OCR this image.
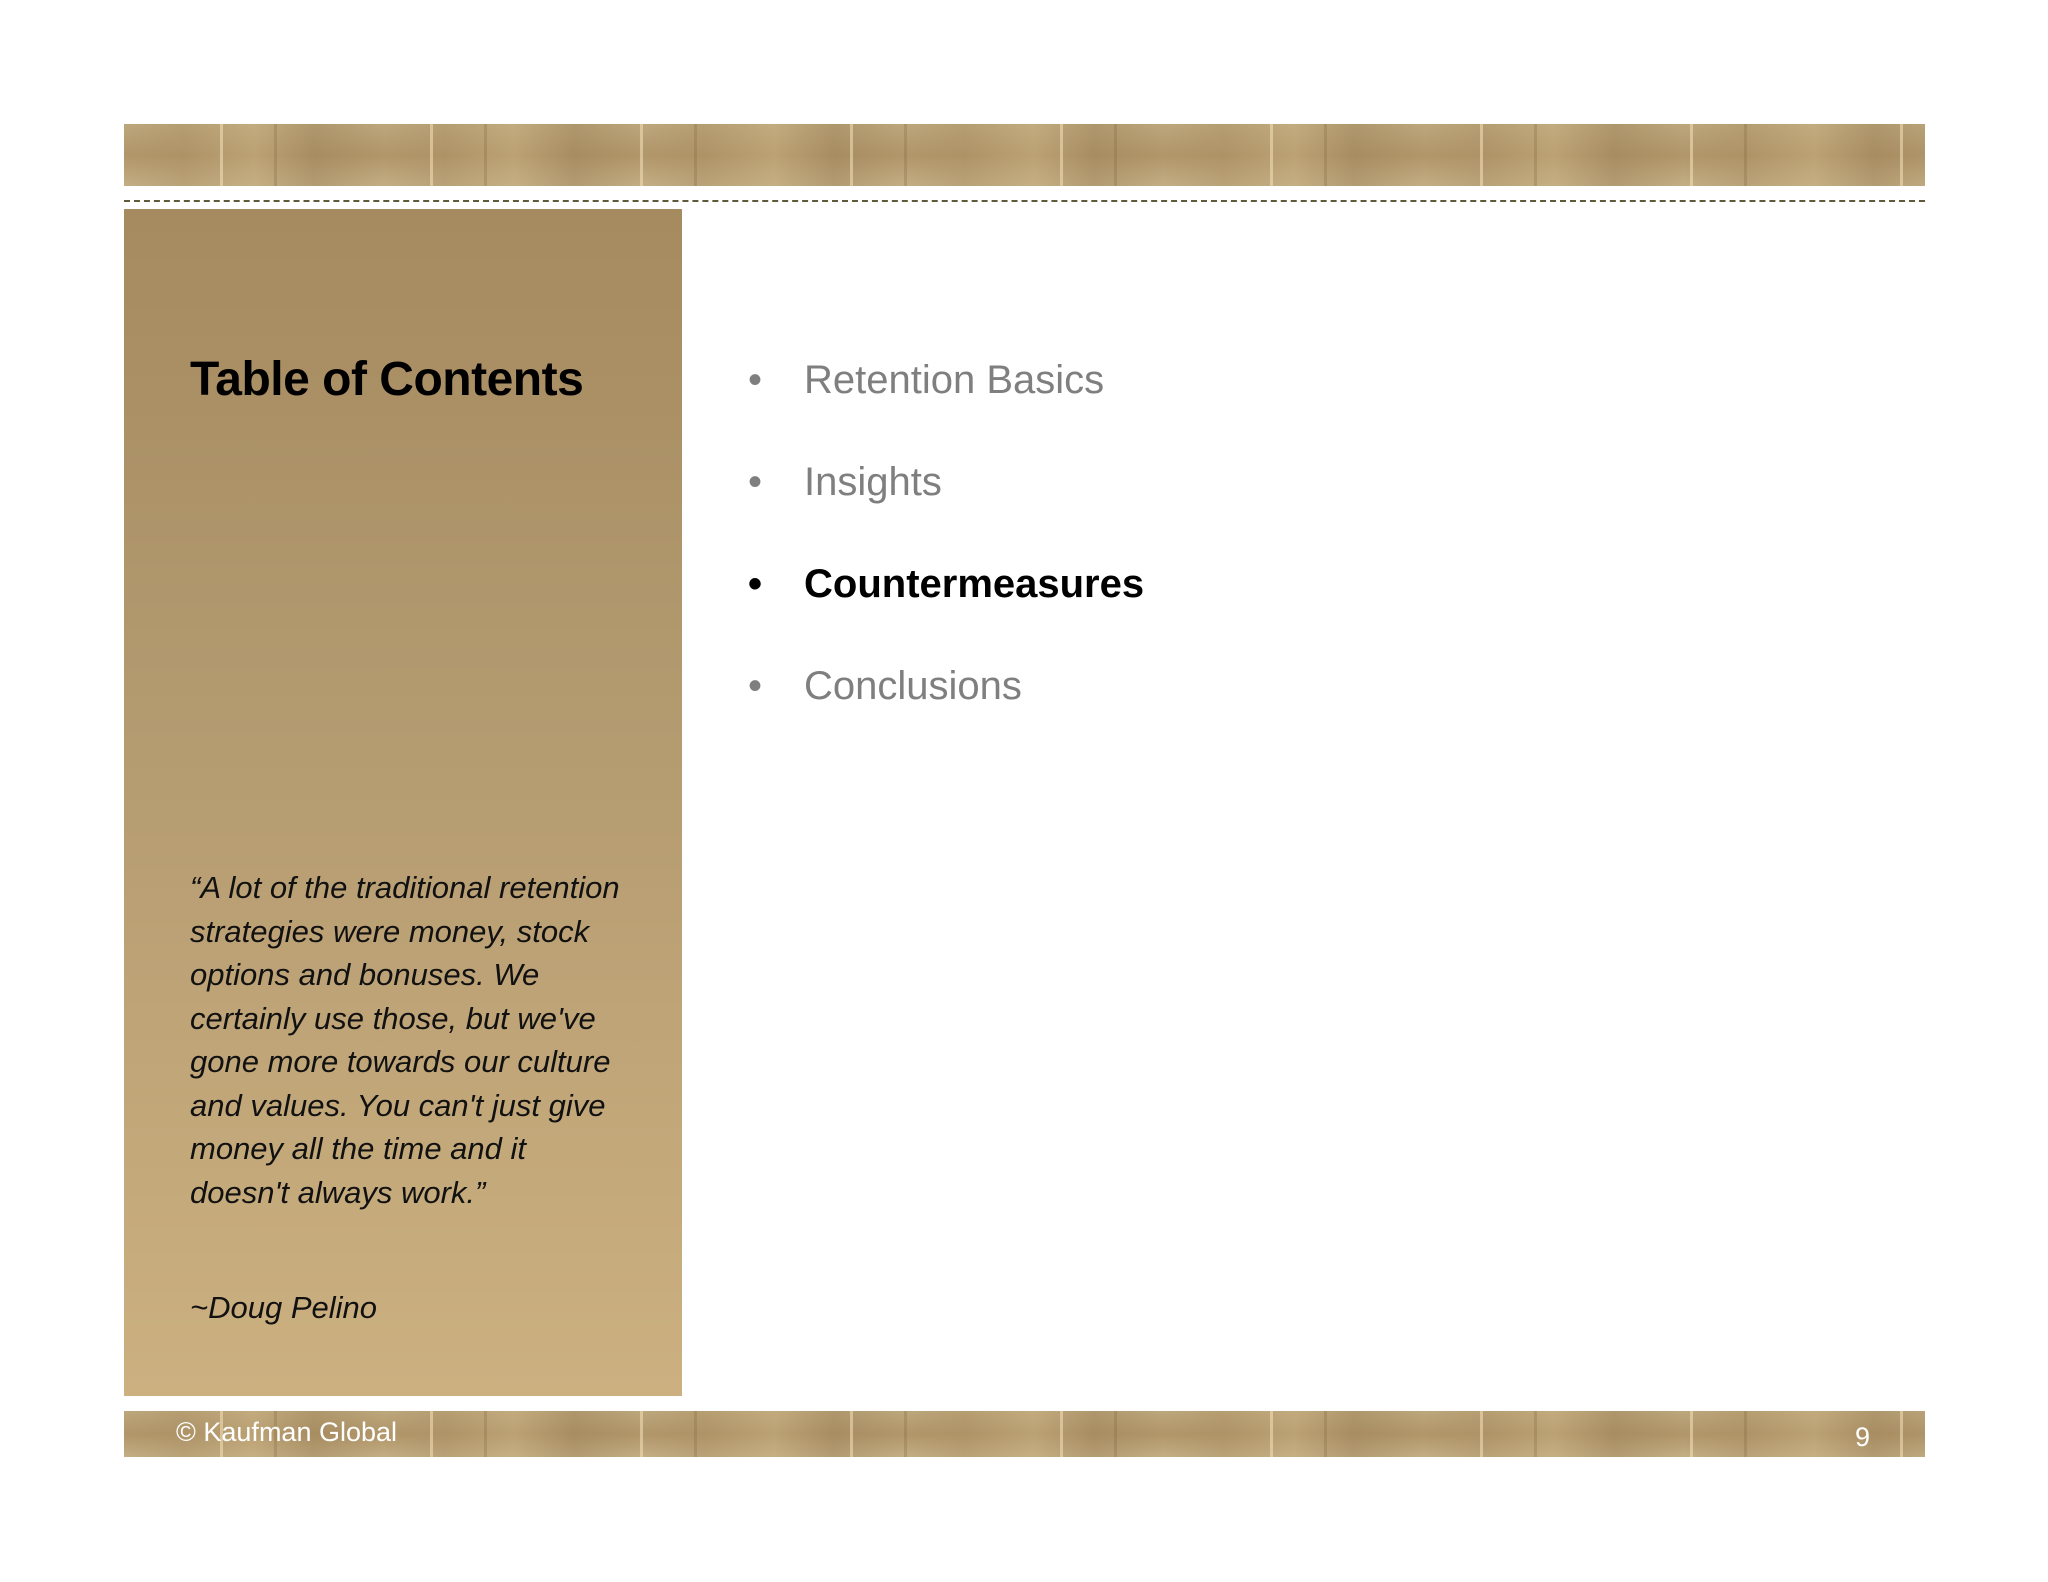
Table of Contents

“A lot of the traditional retention strategies were money, stock options and bonuses. We certainly use those, but we've gone more towards our culture and values. You can't just give money all the time and it doesn't always work.”

~Doug Pelino

•	Retention Basics
•	Insights
•	Countermeasures
•	Conclusions
© Kaufman Global	9
